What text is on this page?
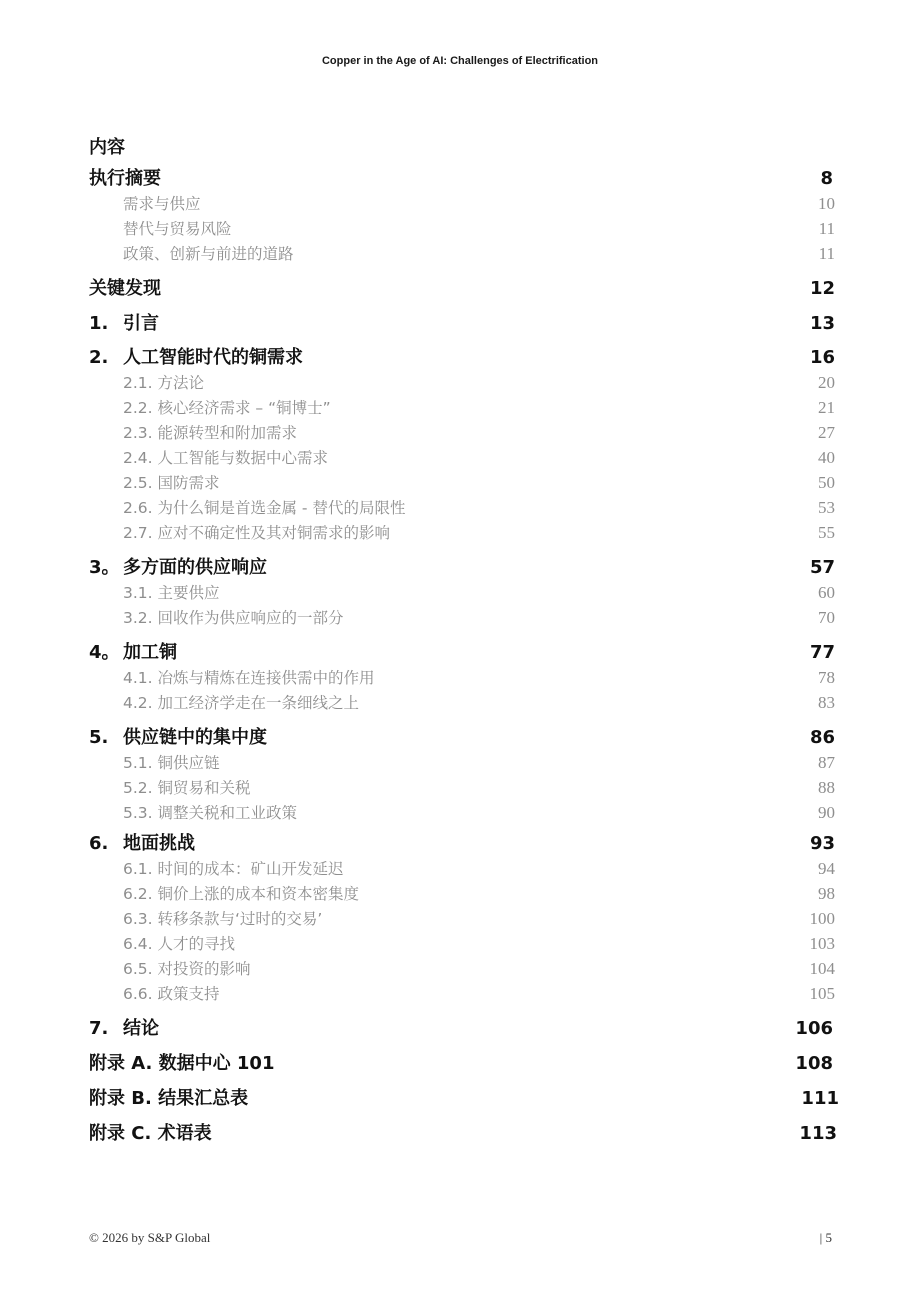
Copper in the Age of AI: Challenges of Electrification
内容
执行摘要	8
需求与供应	10
替代与贸易风险	11
政策、创新与前进的道路	11
关键发现	12
1. 引言	13
2. 人工智能时代的铜需求	16
2.1. 方法论	20
2.2. 核心经济需求 – “铜博士”	21
2.3. 能源转型和附加需求	27
2.4. 人工智能与数据中心需求	40
2.5. 国防需求	50
2.6. 为什么铜是首选金属 - 替代的局限性	53
2.7. 应对不确定性及其对铜需求的影响	55
3。 多方面的供应响应	57
3.1. 主要供应	60
3.2. 回收作为供应响应的一部分	70
4。 加工铜	77
4.1. 冶炼与精炼在连接供需中的作用	78
4.2. 加工经济学走在一条细线之上	83
5. 供应链中的集中度	86
5.1. 铜供应链	87
5.2. 铜贸易和关税	88
5.3. 调整关税和工业政策	90
6. 地面挑战	93
6.1. 时间的成本：矿山开发延迟	94
6.2. 铜价上涨的成本和资本密集度	98
6.3. 转移条款与‘过时的交易’	100
6.4. 人才的寻找	103
6.5. 对投资的影响	104
6.6. 政策支持	105
7. 结论	106
附录 A. 数据中心 101	108
附录 B. 结果汇总表	111
附录 C. 术语表	113
© 2026 by S&P Global	| 5
